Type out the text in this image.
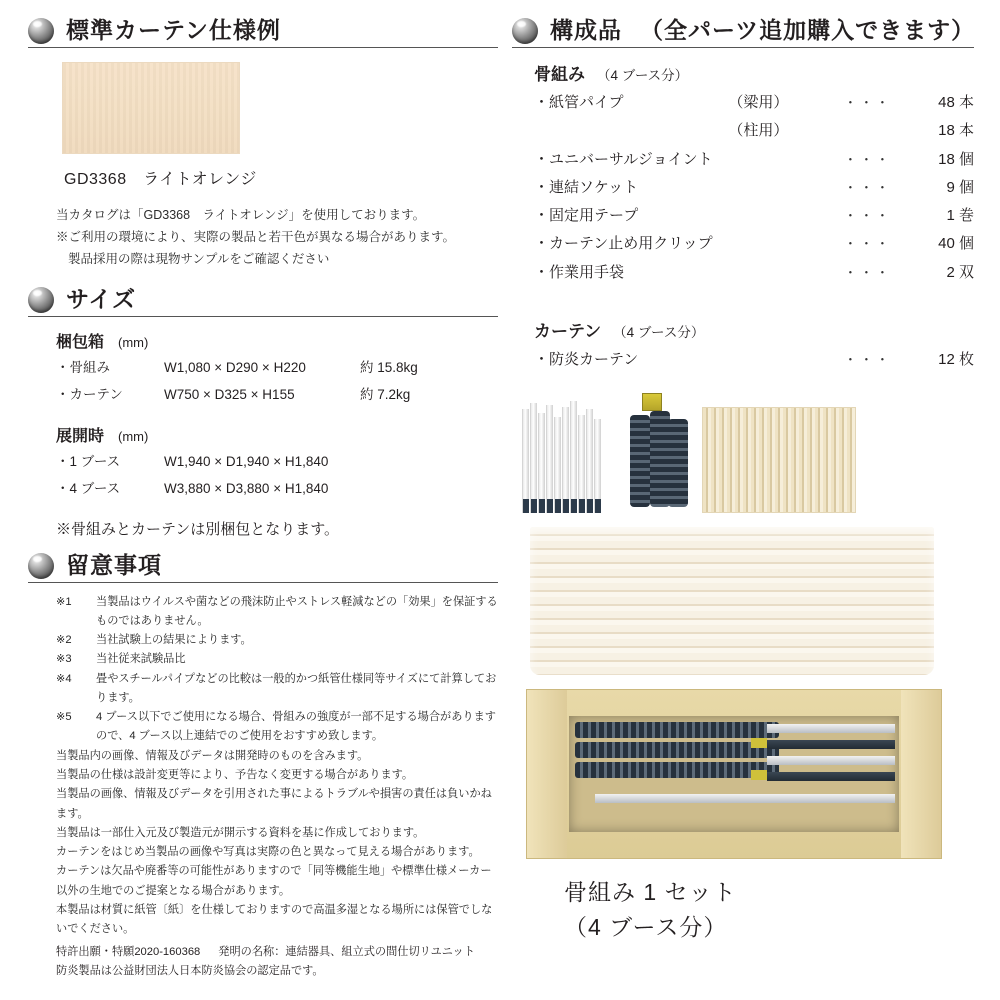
標準カーテン仕様例
GD3368　ライトオレンジ
当カタログは「GD3368　ライトオレンジ」を使用しております。
※ご利用の環境により、実際の製品と若干色が異なる場合があります。
製品採用の際は現物サンプルをご確認ください
サイズ
梱包箱 (mm)
・骨組み	W1,080 × D290 × H220	約 15.8kg
・カーテン	W750 × D325 × H155	約 7.2kg
展開時 (mm)
・1 ブース	W1,940 × D1,940 × H1,840
・4 ブース	W3,880 × D3,880 × H1,840
※骨組みとカーテンは別梱包となります。
留意事項
※1	当製品はウイルスや菌などの飛沫防止やストレス軽減などの「効果」を保証するものではありません。
※2	当社試験上の結果によります。
※3	当社従来試験品比
※4	畳やスチールパイプなどの比較は一般的かつ紙管仕様同等サイズにて計算しております。
※5	4 ブース以下でご使用になる場合、骨組みの強度が一部不足する場合がありますので、4 ブース以上連結でのご使用をおすすめ致します。

当製品内の画像、情報及びデータは開発時のものを含みます。

当製品の仕様は設計変更等により、予告なく変更する場合があります。

当製品の画像、情報及びデータを引用された事によるトラブルや損害の責任は負いかねます。

当製品は一部仕入元及び製造元が開示する資料を基に作成しております。

カーテンをはじめ当製品の画像や写真は実際の色と異なって見える場合があります。

カーテンは欠品や廃番等の可能性がありますので「同等機能生地」や標準仕様メーカー以外の生地でのご提案となる場合があります。

本製品は材質に紙管〔紙〕を仕様しておりますので高温多湿となる場所には保管でしないでください。

特許出願・特願2020-160368 発明の名称：連結器具、組立式の間仕切リユニット
防炎製品は公益財団法人日本防炎協会の認定品です。
構成品 （全パーツ追加購入できます）
骨組み （4 ブース分）
・紙管パイプ	（梁用）	・・・	48 本
（柱用）	18 本
・ユニバーサルジョイント	・・・	18 個
・連結ソケット	・・・	9 個
・固定用テープ	・・・	1 巻
・カーテン止め用クリップ	・・・	40 個
・作業用手袋	・・・	2 双
カーテン （4 ブース分）
・防炎カーテン	・・・	12 枚
骨組み 1 セット
（4 ブース分）
